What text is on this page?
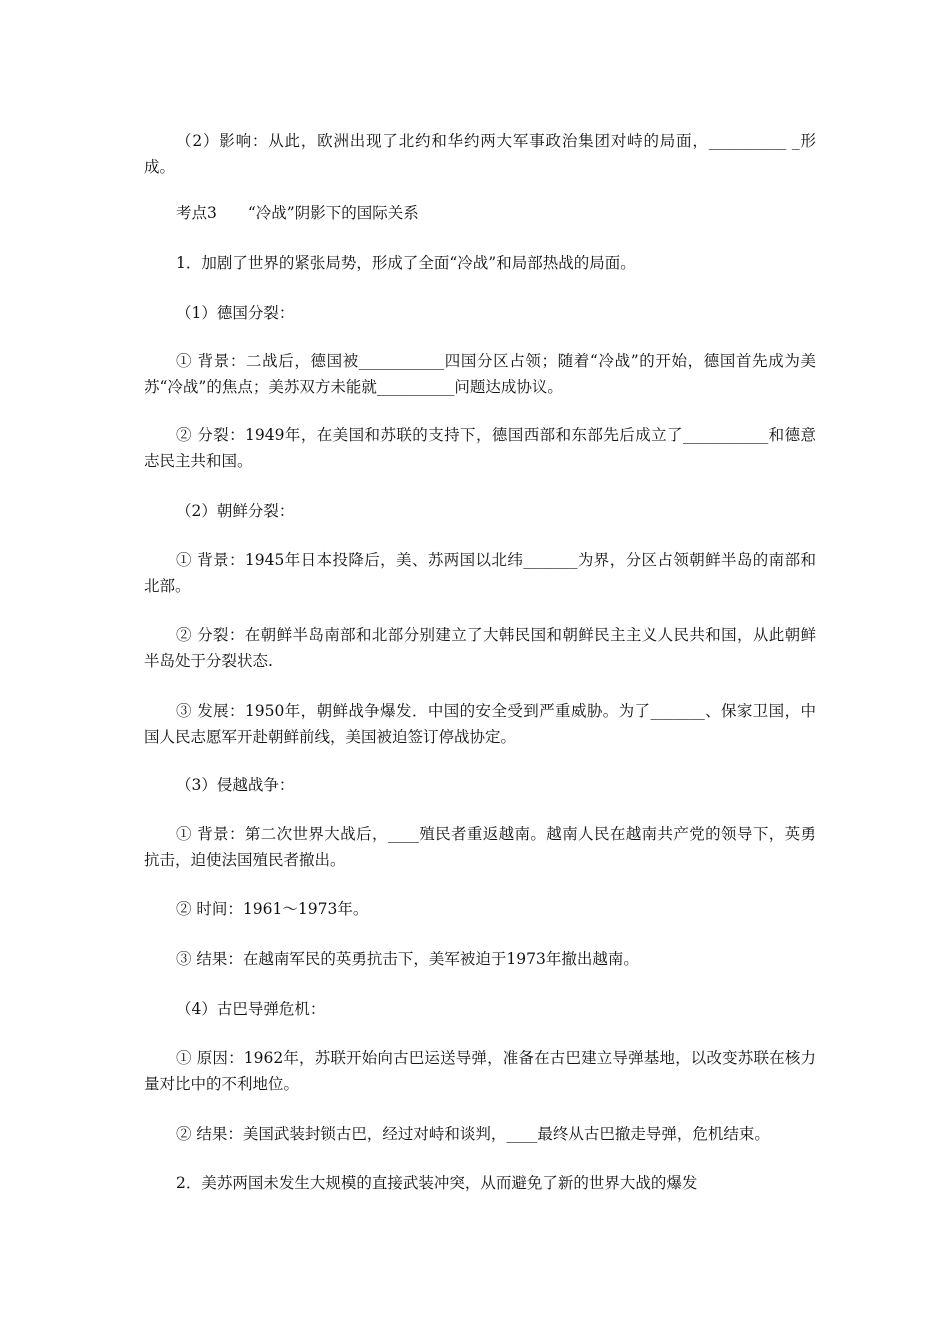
（2）影响：从此，欧洲出现了北约和华约两大军事政治集团对峙的局面，__________ _形成。

考点3　　“冷战”阴影下的国际关系

1．加剧了世界的紧张局势，形成了全面“冷战”和局部热战的局面。

（1）德国分裂：

① 背景：二战后，德国被___________四国分区占领；随着“冷战”的开始，德国首先成为美苏“冷战”的焦点；美苏双方未能就__________问题达成协议。

② 分裂：1949年，在美国和苏联的支持下，德国西部和东部先后成立了___________和德意志民主共和国。

（2）朝鲜分裂：

① 背景：1945年日本投降后，美、苏两国以北纬_______为界，分区占领朝鲜半岛的南部和北部。

② 分裂：在朝鲜半岛南部和北部分别建立了大韩民国和朝鲜民主主义人民共和国，从此朝鲜半岛处于分裂状态.

③ 发展：1950年，朝鲜战争爆发．中国的安全受到严重威胁。为了_______、保家卫国，中国人民志愿军开赴朝鲜前线，美国被迫签订停战协定。

（3）侵越战争：

① 背景：第二次世界大战后，____殖民者重返越南。越南人民在越南共产党的领导下，英勇抗击，迫使法国殖民者撤出。

② 时间：1961～1973年。

③ 结果：在越南军民的英勇抗击下，美军被迫于1973年撤出越南。

（4）古巴导弹危机：

① 原因：1962年，苏联开始向古巴运送导弹，准备在古巴建立导弹基地，以改变苏联在核力量对比中的不利地位。

② 结果：美国武装封锁古巴，经过对峙和谈判，____最终从古巴撤走导弹，危机结束。

2．美苏两国未发生大规模的直接武装冲突，从而避免了新的世界大战的爆发
